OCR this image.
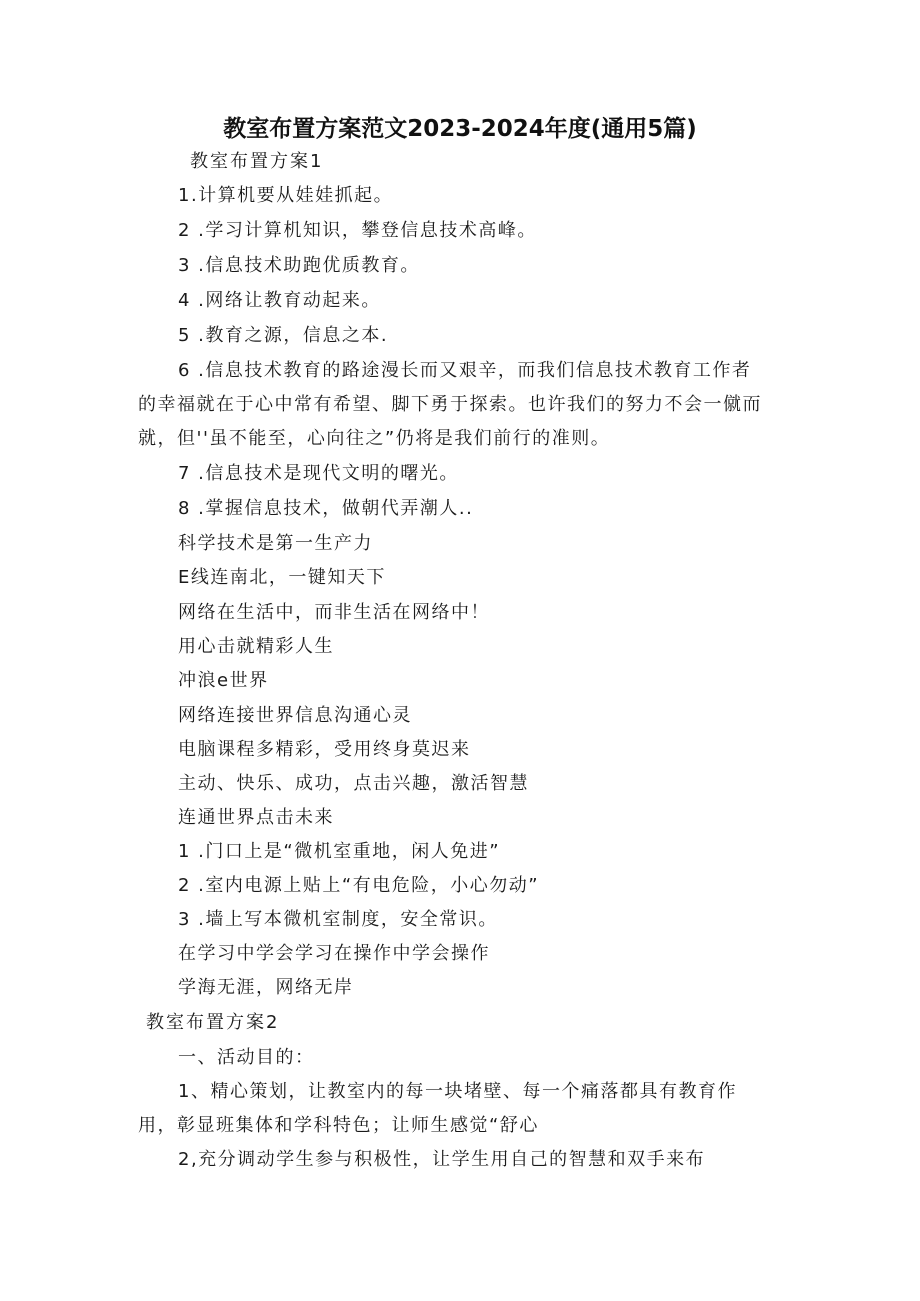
教室布置方案范文2023-2024年度(通用5篇)
教室布置方案1
1.计算机要从娃娃抓起。
2 .学习计算机知识，攀登信息技术高峰。
3 .信息技术助跑优质教育。
4 .网络让教育动起来。
5 .教育之源，信息之本.
6 .信息技术教育的路途漫长而又艰辛，而我们信息技术教育工作者
的幸福就在于心中常有希望、脚下勇于探索。也许我们的努力不会一僦而
就，但''虽不能至，心向往之”仍将是我们前行的准则。
7 .信息技术是现代文明的曙光。
8 .掌握信息技术，做朝代弄潮人..
科学技术是第一生产力
E线连南北，一键知天下
网络在生活中，而非生活在网络中！
用心击就精彩人生
冲浪e世界
网络连接世界信息沟通心灵
电脑课程多精彩，受用终身莫迟来
主动、快乐、成功，点击兴趣，激活智慧
连通世界点击未来
1 .门口上是“微机室重地，闲人免进”
2 .室内电源上贴上“有电危险，小心勿动”
3 .墙上写本微机室制度，安全常识。
在学习中学会学习在操作中学会操作
学海无涯，网络无岸
教室布置方案2
一、活动目的：
1、精心策划，让教室内的每一块堵壁、每一个痛落都具有教育作
用，彰显班集体和学科特色；让师生感觉“舒心
2,充分调动学生参与积极性，让学生用自己的智慧和双手来布
